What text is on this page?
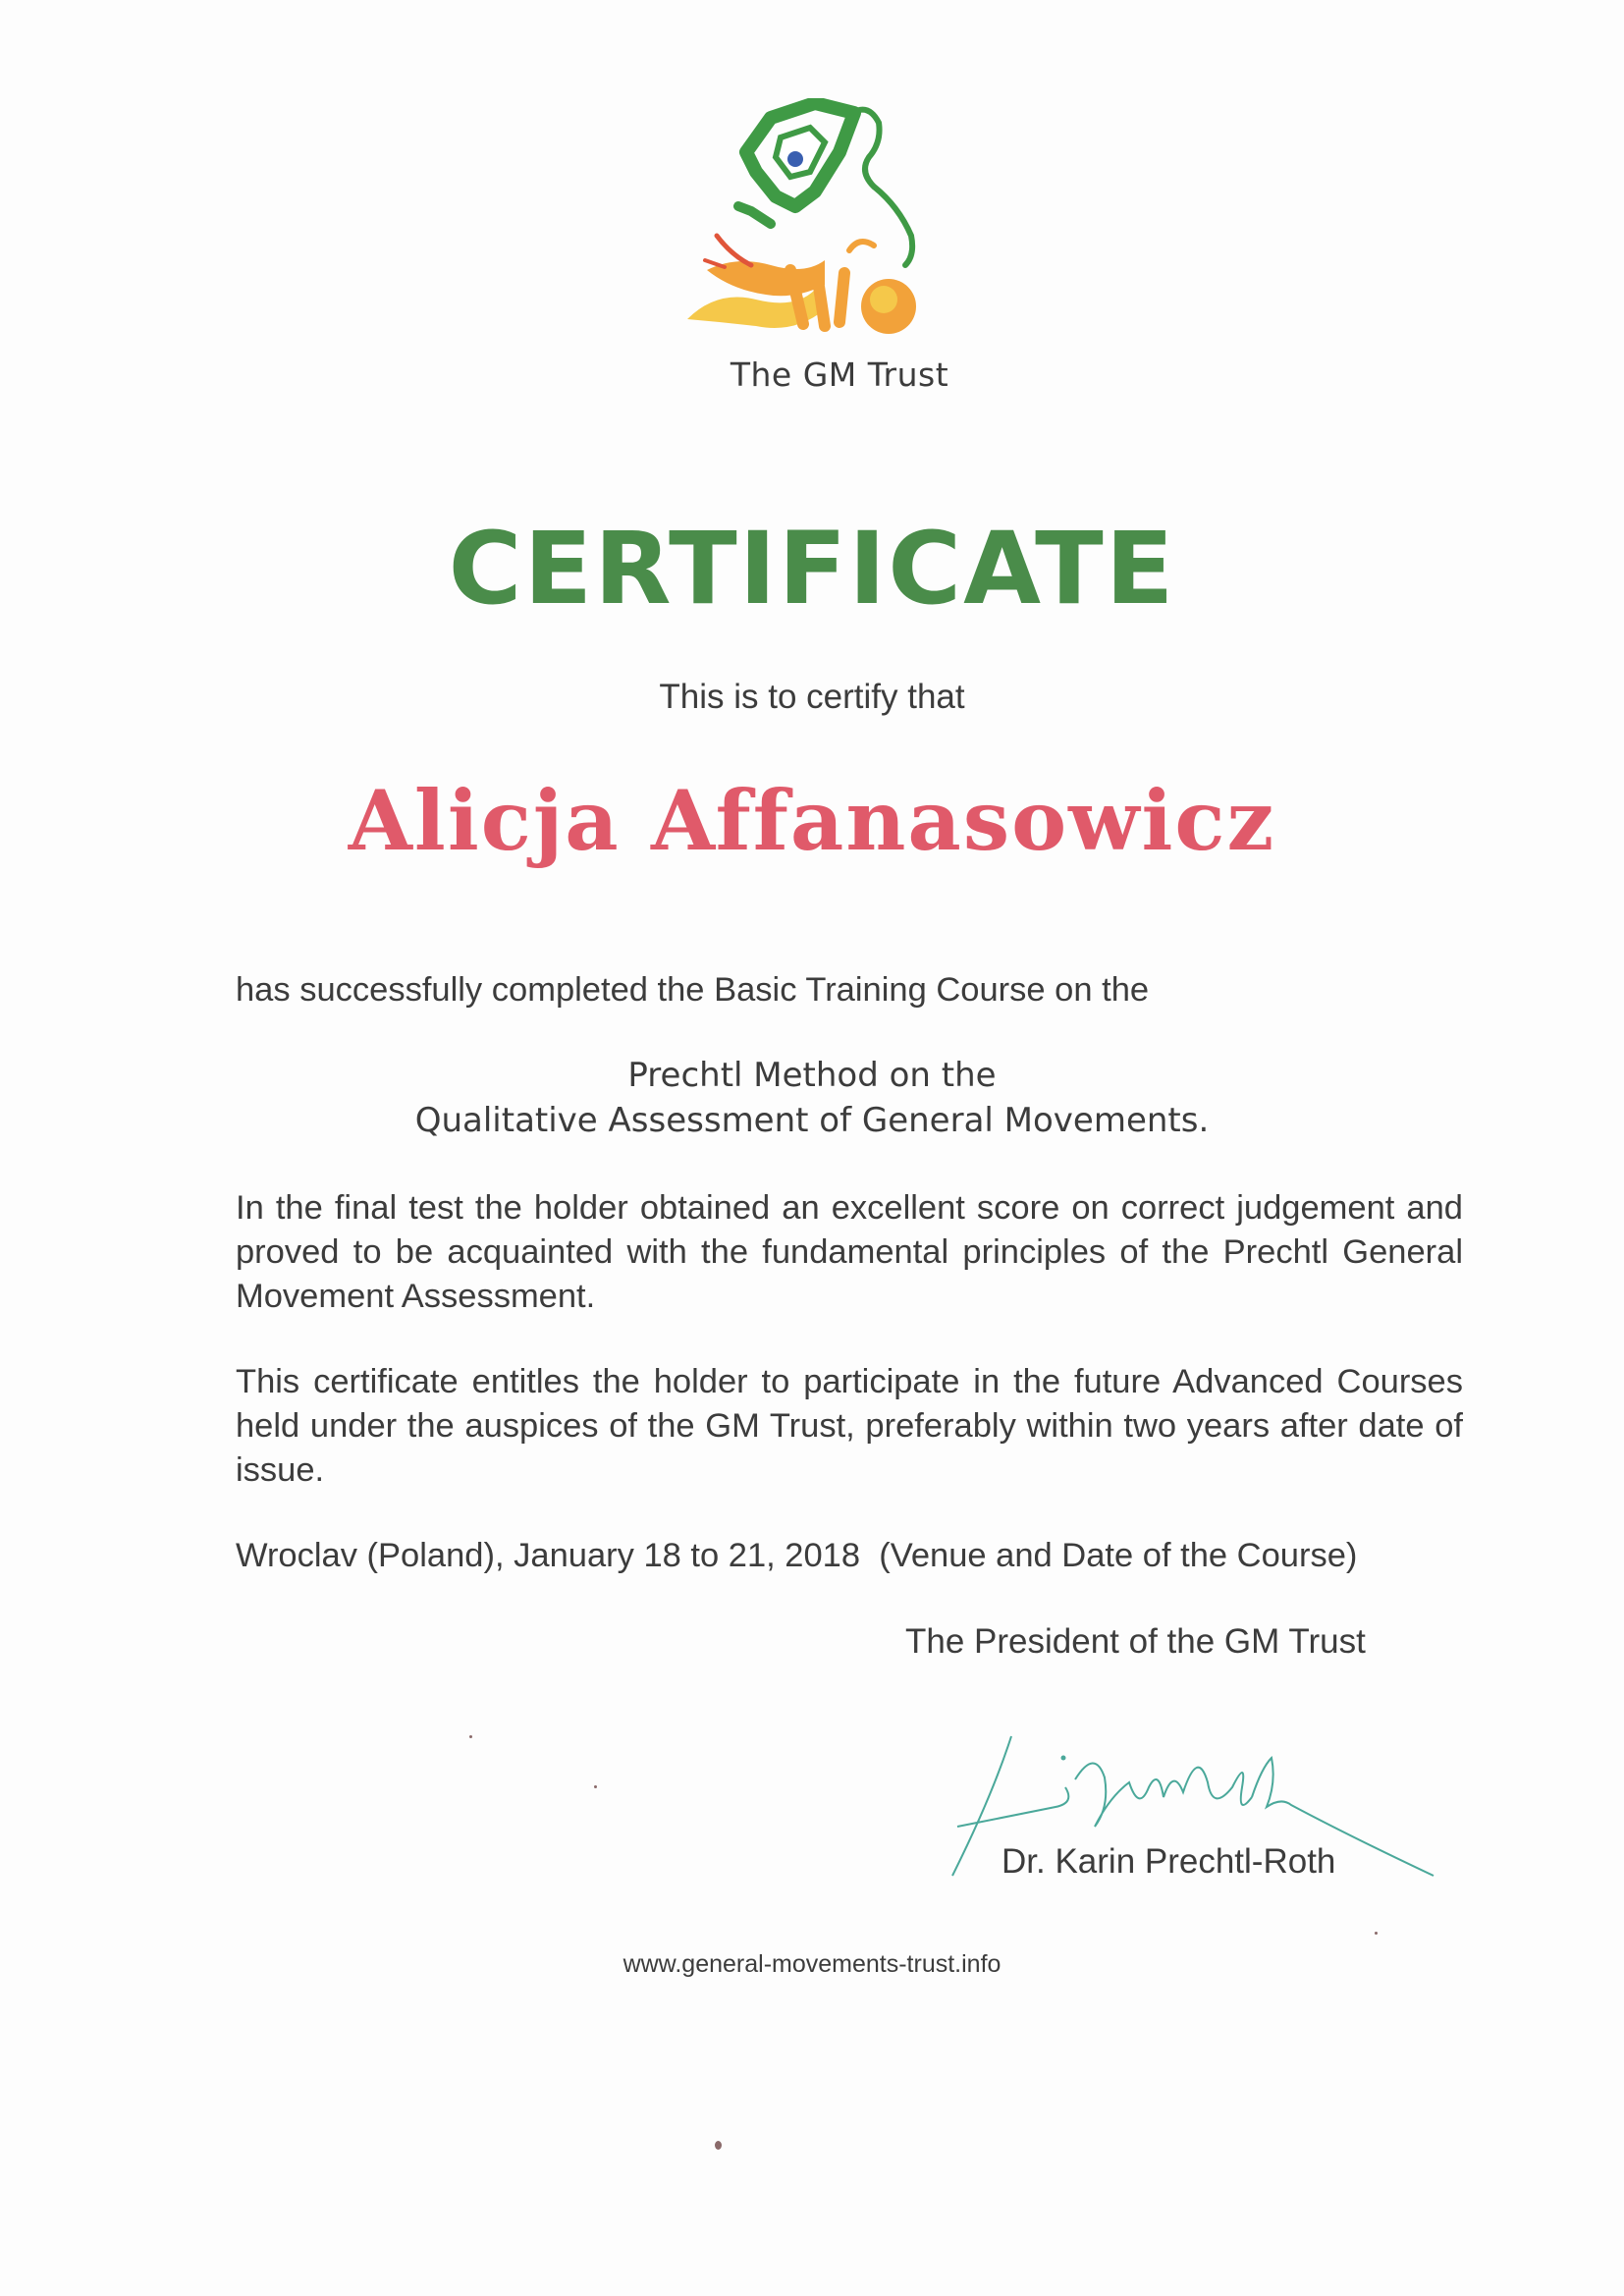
The GM Trust
CERTIFICATE
This is to certify that
Alicja Affanasowicz
has successfully completed the Basic Training Course on the
Prechtl Method on the
Qualitative Assessment of General Movements.
In the final test the holder obtained an excellent score on correct judgement and proved to be acquainted with the fundamental principles of the Prechtl General Movement Assessment.
This certificate entitles the holder to participate in the future Advanced Courses held under the auspices of the GM Trust, preferably within two years after date of issue.
Wroclav (Poland), January 18 to 21, 2018  (Venue and Date of the Course)
The President of the GM Trust
Dr. Karin Prechtl-Roth
www.general-movements-trust.info
